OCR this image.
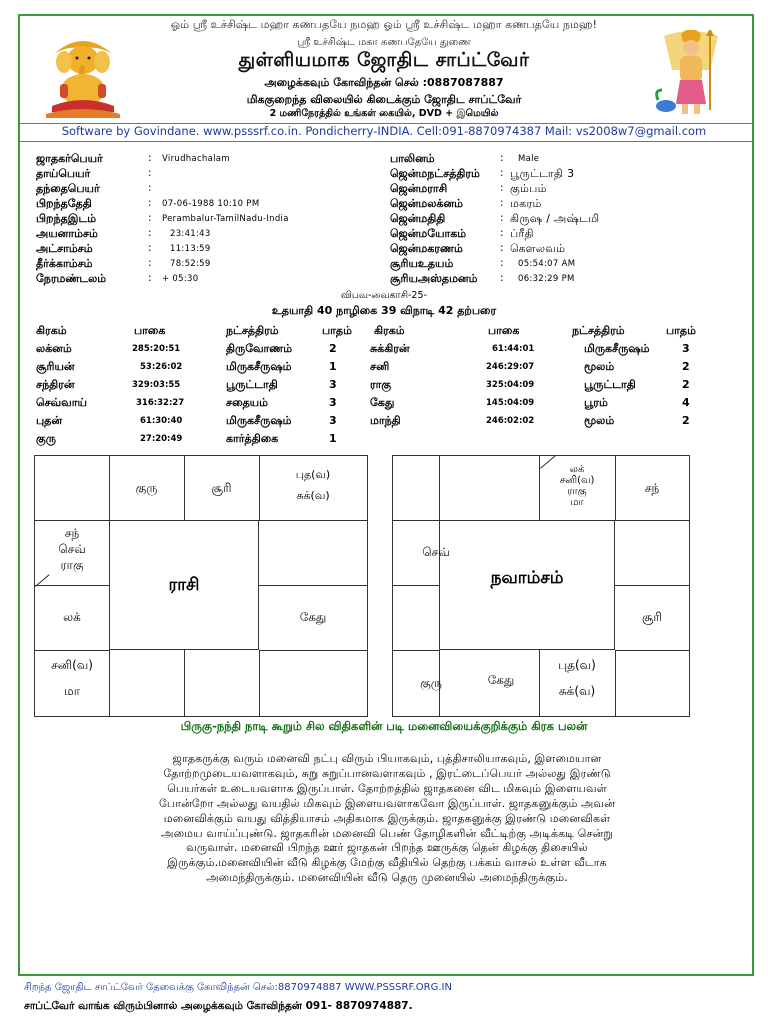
ஓம் ஸ்ரீ உச்சிஷ்ட மஹா கணபதயே நமஹ ஓம் ஸ்ரீ உச்சிஷ்ட மஹா கணபதயே நமஹ!
ஸ்ரீ உச்சிஷ்ட மகா கணபதேயே துணை
துள்ளியமாக ஜோதிட சாப்ட்வேர்
அழைக்கவும் கோவிந்தன் செல் :0887087887
மிககுறைந்த விலையில் கிடைக்கும் ஜோதிட சாப்ட்வேர்
2 மணிநேரத்தில் உங்கள் கையில், DVD + இமெயில்
Software by Govindane. www.psssrf.co.in. Pondicherry-INDIA. Cell:091-8870974387 Mail: vs2008w7@gmail.com
ஜாதகர்பெயர்	: Virudhachalam
தாய்பெயர்	:
தந்தைபெயர்	:
பிறந்ததேதி	: 07-06-1988 10:10 PM
பிறந்தஇடம்	: Perambalur-TamilNadu-India
அயனாம்சம்	: 23:41:43
அட்சாம்சம்	: 11:13:59
தீர்க்காம்சம்	: 78:52:59
நேரமண்டலம்	: + 05:30
பாலினம்	: Male
ஜென்மநட்சத்திரம் : பூருட்டாதி 3
ஜென்மராசி	: கும்பம்
ஜென்மலக்னம்	: மகரம்
ஜென்மதிதி	: கிருஷ / அஷ்டமி
ஜென்மயோகம்	: ப்ரீதி
ஜென்மகரணம்	: கௌலவம்
சூரியஉதயம்	: 05:54:07 AM
சூரியஅஸ்தமனம் : 06:32:29 PM
விபவ-வைகாசி-25-
உதயாதி 40 நாழிகை 39 விநாடி 42 தற்பரை
கிரகம்	பாகை	நட்சத்திரம்	பாதம் கிரகம்	பாகை	நட்சத்திரம்	பாதம்
லக்னம்	285:20:51	திருவோணம்	2	சுக்கிரன்	61:44:01	மிருகசீருஷம்	3
சூரியன்	53:26:02	மிருகசீருஷம்	1	சனி	246:29:07	மூலம்	2
சந்திரன்	329:03:55	பூருட்டாதி	3	ராகு	325:04:09	பூருட்டாதி	2
செவ்வாய்	316:32:27	சதையம்	3	கேது	145:04:09	பூரம்	4
புதன்	61:30:40	மிருகசீருஷம்	3	மாந்தி	246:02:02	மூலம்	2
குரு	27:20:49	கார்த்திகை	1
குரு	சூரி
புத(வ)
சுக்(வ)
சந்
செவ்
ராகு
லக்	கேது
சனி(வ)
மா
ராசி
லக்
சனி(வ)
ராகு
மா
சந்
செவ்
சூரி
குரு	கேது
புத(வ)
சுக்(வ)
நவாம்சம்
பிருகு-நந்தி நாடி கூறும் சில விதிகளின் படி மனைவியைக்குறிக்கும் கிரக பலன்
ஜாதகருக்கு வரும் மனைவி நட்பு விரும் பியாகவும், புத்திசாலியாகவும், இளமையான
தோற்றமுடையவளாகவும், சுறு சுறுப்பானவளாகவும் , இரட்டைப்பெயர் அல்லது இரண்டு
பெயர்கள் உடையவளாக இருப்பாள். தோற்றத்தில் ஜாதகனை விட மிகவும் இளையவள்
போன்றோ அல்லது வயதில் மிகவும் இளையவளாகவோ இருப்பாள். ஜாதகனுக்கும் அவன்
மனைவிக்கும் வயது வித்தியாசம் அதிகமாக இருக்கும். ஜாதகனுக்கு இரண்டு மனைவிகள்
அமைய வாய்ப்புண்டு. ஜாதகரின் மனைவி பெண் தோழிகளின் வீட்டிற்கு அடிக்கடி சென்று
வருவாள். மனைவி பிறந்த ஊர் ஜாதகன் பிறந்த ஊருக்கு தென் கிழக்கு திசையில்
இருக்கும்.மனைவியின் வீடு கிழக்கு மேற்கு வீதியில் தெற்கு பக்கம் வாசல் உள்ள வீடாக
அமைந்திருக்கும். மனைவியின் வீடு தெரு முனையில் அமைந்திருக்கும்.
சிறந்த ஜோதிட சாப்ட்வேர் தேவைக்கு கோவிந்தன் செல்:8870974887 WWW.PSSSRF.ORG.IN
சாப்ட்வேர் வாங்க விரும்பினால் அழைக்கவும் கோவிந்தன் 091- 8870974887.
